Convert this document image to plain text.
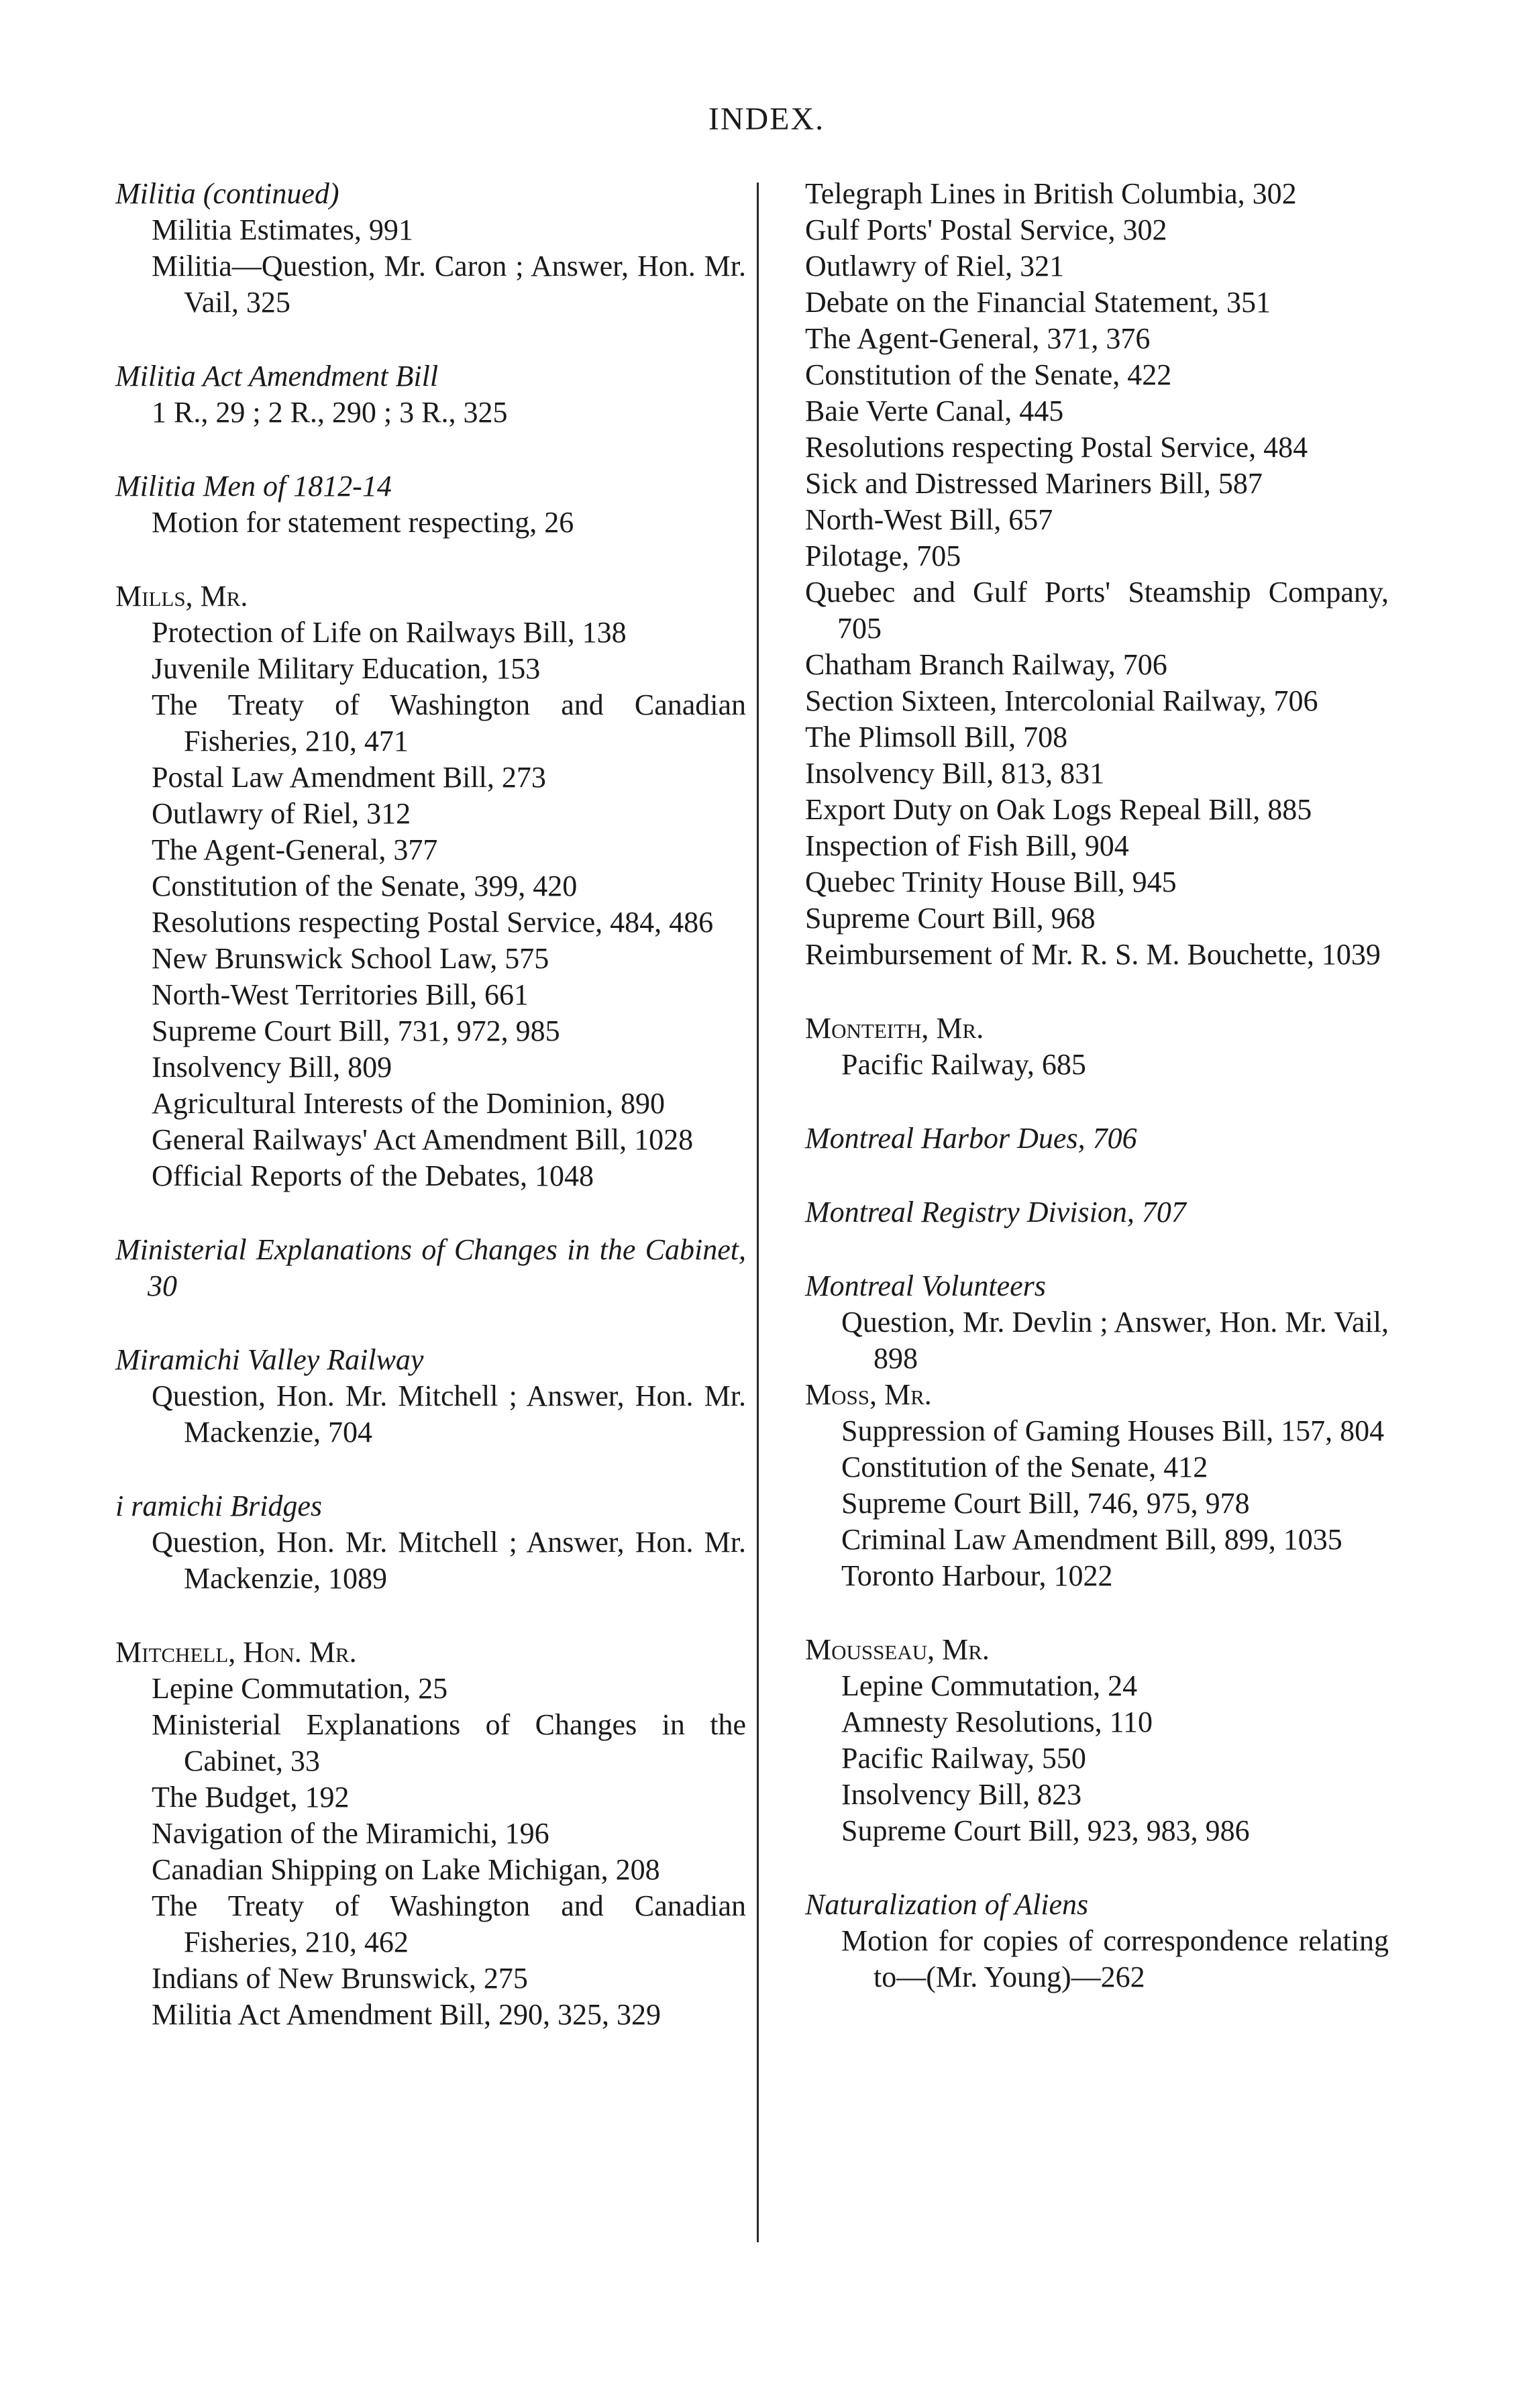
INDEX.
Militia (continued)
Militia Estimates, 991
Militia—Question, Mr. Caron ; Answer, Hon. Mr. Vail, 325
Militia Act Amendment Bill
1 R., 29 ; 2 R., 290 ; 3 R., 325
Militia Men of 1812-14
Motion for statement respecting, 26
Mills, Mr.
Protection of Life on Railways Bill, 138
Juvenile Military Education, 153
The Treaty of Washington and Canadian Fisheries, 210, 471
Postal Law Amendment Bill, 273
Outlawry of Riel, 312
The Agent-General, 377
Constitution of the Senate, 399, 420
Resolutions respecting Postal Service, 484, 486
New Brunswick School Law, 575
North-West Territories Bill, 661
Supreme Court Bill, 731, 972, 985
Insolvency Bill, 809
Agricultural Interests of the Dominion, 890
General Railways' Act Amendment Bill, 1028
Official Reports of the Debates, 1048
Ministerial Explanations of Changes in the Cabinet, 30
Miramichi Valley Railway
Question, Hon. Mr. Mitchell ; Answer, Hon. Mr. Mackenzie, 704
i ramichi Bridges
Question, Hon. Mr. Mitchell ; Answer, Hon. Mr. Mackenzie, 1089
Mitchell, Hon. Mr.
Lepine Commutation, 25
Ministerial Explanations of Changes in the Cabinet, 33
The Budget, 192
Navigation of the Miramichi, 196
Canadian Shipping on Lake Michigan, 208
The Treaty of Washington and Canadian Fisheries, 210, 462
Indians of New Brunswick, 275
Militia Act Amendment Bill, 290, 325, 329
Telegraph Lines in British Columbia, 302
Gulf Ports' Postal Service, 302
Outlawry of Riel, 321
Debate on the Financial Statement, 351
The Agent-General, 371, 376
Constitution of the Senate, 422
Baie Verte Canal, 445
Resolutions respecting Postal Service, 484
Sick and Distressed Mariners Bill, 587
North-West Bill, 657
Pilotage, 705
Quebec and Gulf Ports' Steamship Company, 705
Chatham Branch Railway, 706
Section Sixteen, Intercolonial Railway, 706
The Plimsoll Bill, 708
Insolvency Bill, 813, 831
Export Duty on Oak Logs Repeal Bill, 885
Inspection of Fish Bill, 904
Quebec Trinity House Bill, 945
Supreme Court Bill, 968
Reimbursement of Mr. R. S. M. Bouchette, 1039
Monteith, Mr.
Pacific Railway, 685
Montreal Harbor Dues, 706
Montreal Registry Division, 707
Montreal Volunteers
Question, Mr. Devlin ; Answer, Hon. Mr. Vail, 898
Moss, Mr.
Suppression of Gaming Houses Bill, 157, 804
Constitution of the Senate, 412
Supreme Court Bill, 746, 975, 978
Criminal Law Amendment Bill, 899, 1035
Toronto Harbour, 1022
Mousseau, Mr.
Lepine Commutation, 24
Amnesty Resolutions, 110
Pacific Railway, 550
Insolvency Bill, 823
Supreme Court Bill, 923, 983, 986
Naturalization of Aliens
Motion for copies of correspondence relating to—(Mr. Young)—262
